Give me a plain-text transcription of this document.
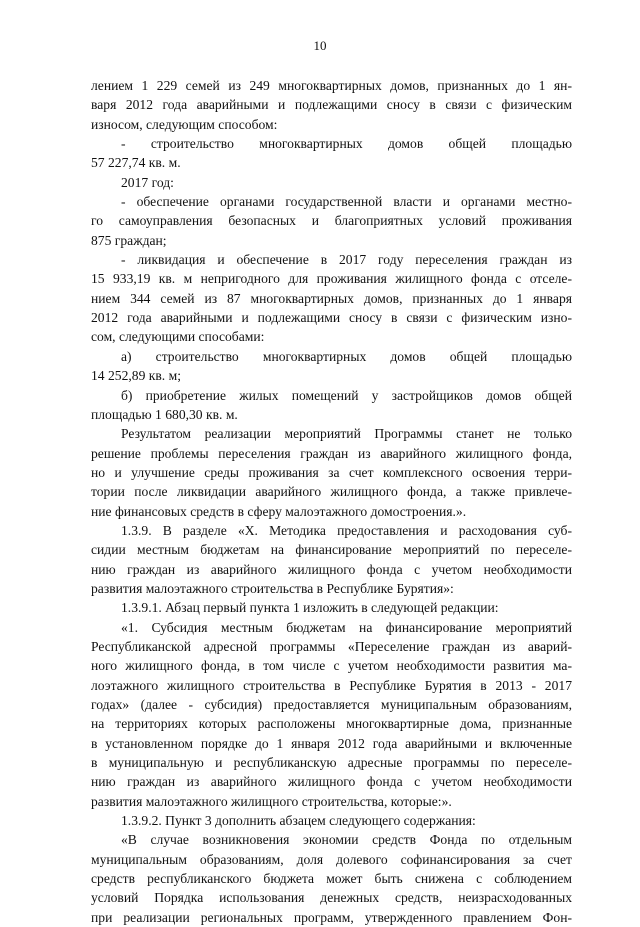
10
лением 1 229 семей из 249 многоквартирных домов, признанных до 1 ян-
варя 2012 года аварийными и подлежащими сносу в связи с физическим
износом, следующим способом:
- строительство многоквартирных домов общей площадью
57 227,74 кв. м.
2017 год:
- обеспечение органами государственной власти и органами местно-
го самоуправления безопасных и благоприятных условий проживания
875 граждан;
- ликвидация и обеспечение в 2017 году переселения граждан из
15 933,19 кв. м непригодного для проживания жилищного фонда с отселе-
нием 344 семей из 87 многоквартирных домов, признанных до 1 января
2012 года аварийными и подлежащими сносу в связи с физическим изно-
сом, следующими способами:
а) строительство многоквартирных домов общей площадью
14 252,89 кв. м;
б) приобретение жилых помещений у застройщиков домов общей
площадью 1 680,30 кв. м.
Результатом реализации мероприятий Программы станет не только
решение проблемы переселения граждан из аварийного жилищного фонда,
но и улучшение среды проживания за счет комплексного освоения терри-
тории после ликвидации аварийного жилищного фонда, а также привлече-
ние финансовых средств в сферу малоэтажного домостроения.».
1.3.9. В разделе «Х. Методика предоставления и расходования суб-
сидии местным бюджетам на финансирование мероприятий по переселе-
нию граждан из аварийного жилищного фонда с учетом необходимости
развития малоэтажного строительства в Республике Бурятия»:
1.3.9.1. Абзац первый пункта 1 изложить в следующей редакции:
«1. Субсидия местным бюджетам на финансирование мероприятий
Республиканской адресной программы «Переселение граждан из аварий-
ного жилищного фонда, в том числе с учетом необходимости развития ма-
лоэтажного жилищного строительства в Республике Бурятия в 2013 - 2017
годах» (далее - субсидия) предоставляется муниципальным образованиям,
на территориях которых расположены многоквартирные дома, признанные
в установленном порядке до 1 января 2012 года аварийными и включенные
в муниципальную и республиканскую адресные программы по переселе-
нию граждан из аварийного жилищного фонда с учетом необходимости
развития малоэтажного жилищного строительства, которые:».
1.3.9.2. Пункт 3 дополнить абзацем следующего содержания:
«В случае возникновения экономии средств Фонда по отдельным
муниципальным образованиям, доля долевого софинансирования за счет
средств республиканского бюджета может быть снижена с соблюдением
условий Порядка использования денежных средств, неизрасходованных
при реализации региональных программ, утвержденного правлением Фон-
